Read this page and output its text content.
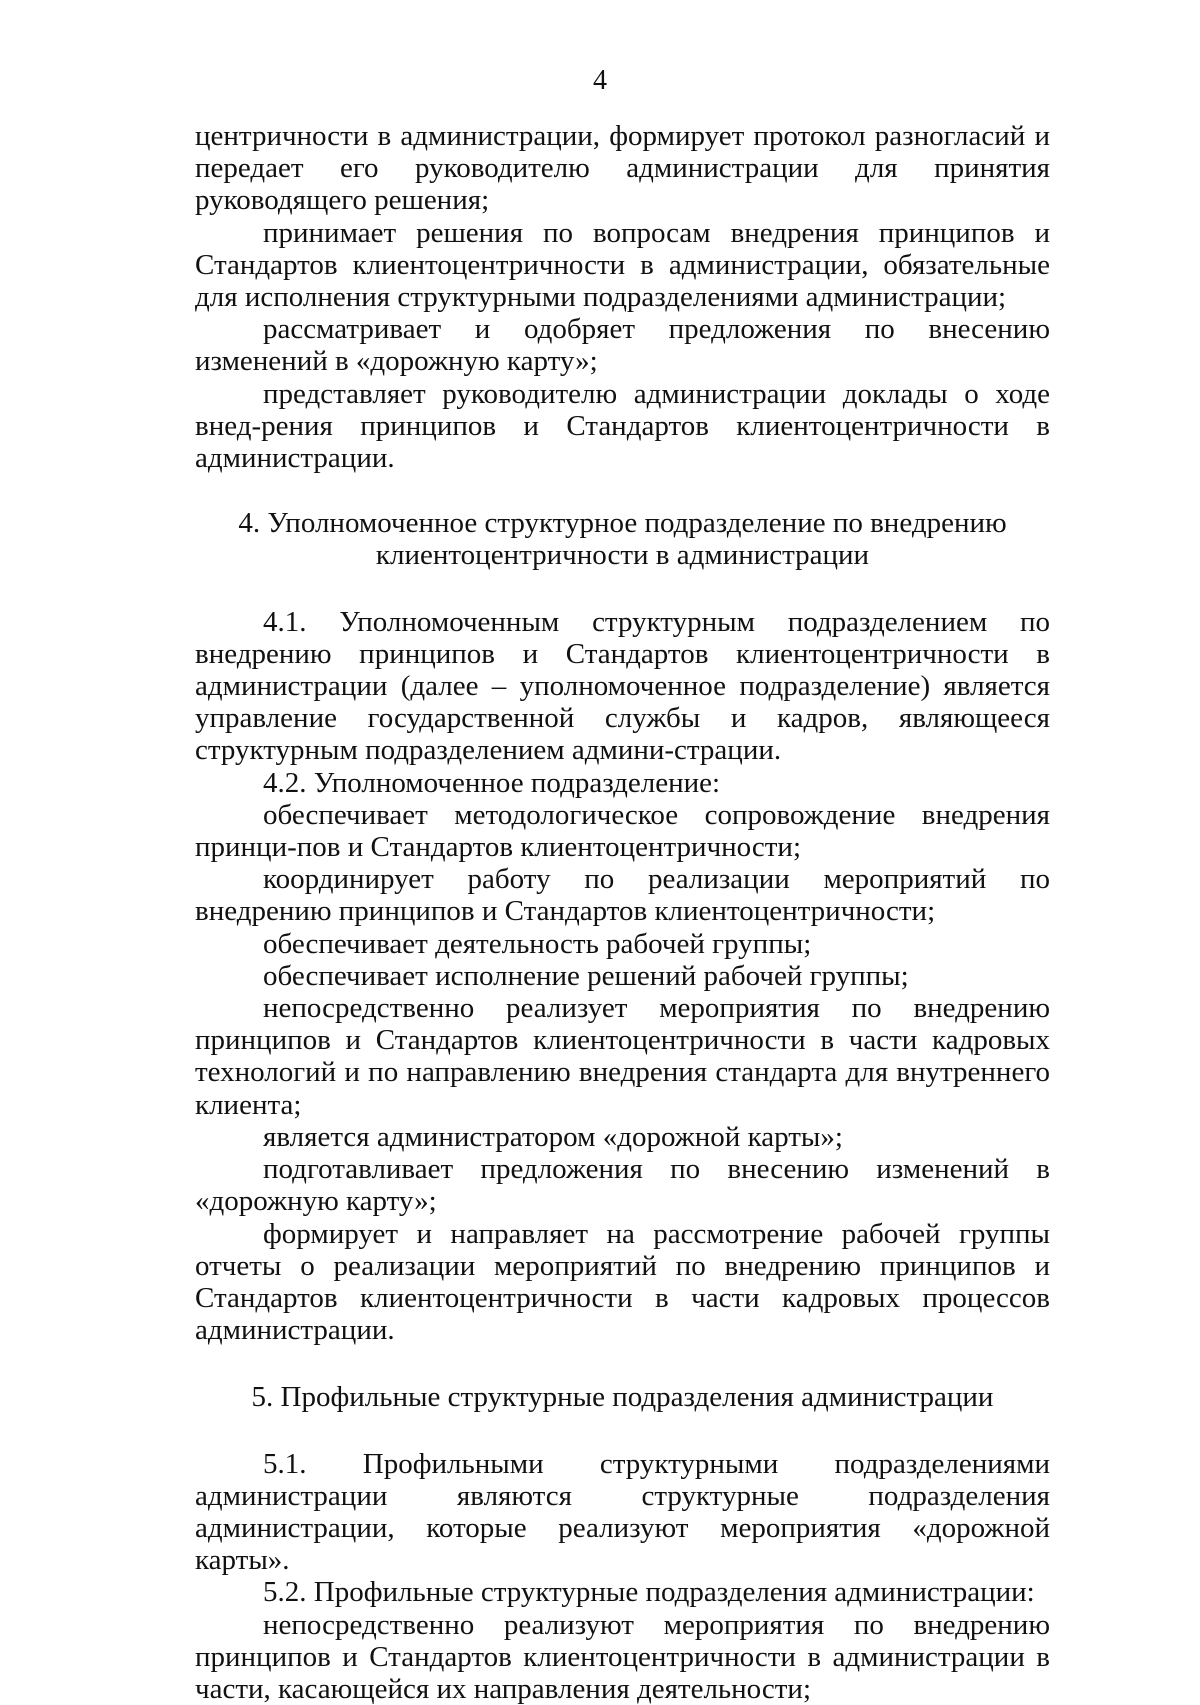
4

центричности в администрации, формирует протокол разногласий и передает его руководителю администрации для принятия руководящего решения;

принимает решения по вопросам внедрения принципов и Стандартов клиентоцентричности в администрации, обязательные для исполнения структурными подразделениями администрации;

рассматривает и одобряет предложения по внесению изменений в «дорожную карту»;

представляет руководителю администрации доклады о ходе внед-рения принципов и Стандартов клиентоцентричности в администрации.

4. Уполномоченное структурное подразделение по внедрению

клиентоцентричности в администрации

4.1. Уполномоченным структурным подразделением по внедрению принципов и Стандартов клиентоцентричности в администрации (далее – уполномоченное подразделение) является управление государственной службы и кадров, являющееся структурным подразделением админи-страции.

4.2. Уполномоченное подразделение:

обеспечивает методологическое сопровождение внедрения принци-пов и Стандартов клиентоцентричности;

координирует работу по реализации мероприятий по внедрению принципов и Стандартов клиентоцентричности;

обеспечивает деятельность рабочей группы;

обеспечивает исполнение решений рабочей группы;

непосредственно реализует мероприятия по внедрению принципов и Стандартов клиентоцентричности в части кадровых технологий и по направлению внедрения стандарта для внутреннего клиента;

является администратором «дорожной карты»;

подготавливает предложения по внесению изменений в «дорожную карту»;

формирует и направляет на рассмотрение рабочей группы отчеты о реализации мероприятий по внедрению принципов и Стандартов клиентоцентричности в части кадровых процессов администрации.

5. Профильные структурные подразделения администрации

5.1. Профильными структурными подразделениями администрации являются структурные подразделения администрации, которые реализуют мероприятия «дорожной карты».

5.2. Профильные структурные подразделения администрации:

непосредственно реализуют мероприятия по внедрению принципов и Стандартов клиентоцентричности в администрации в части, касающейся их направления деятельности;
